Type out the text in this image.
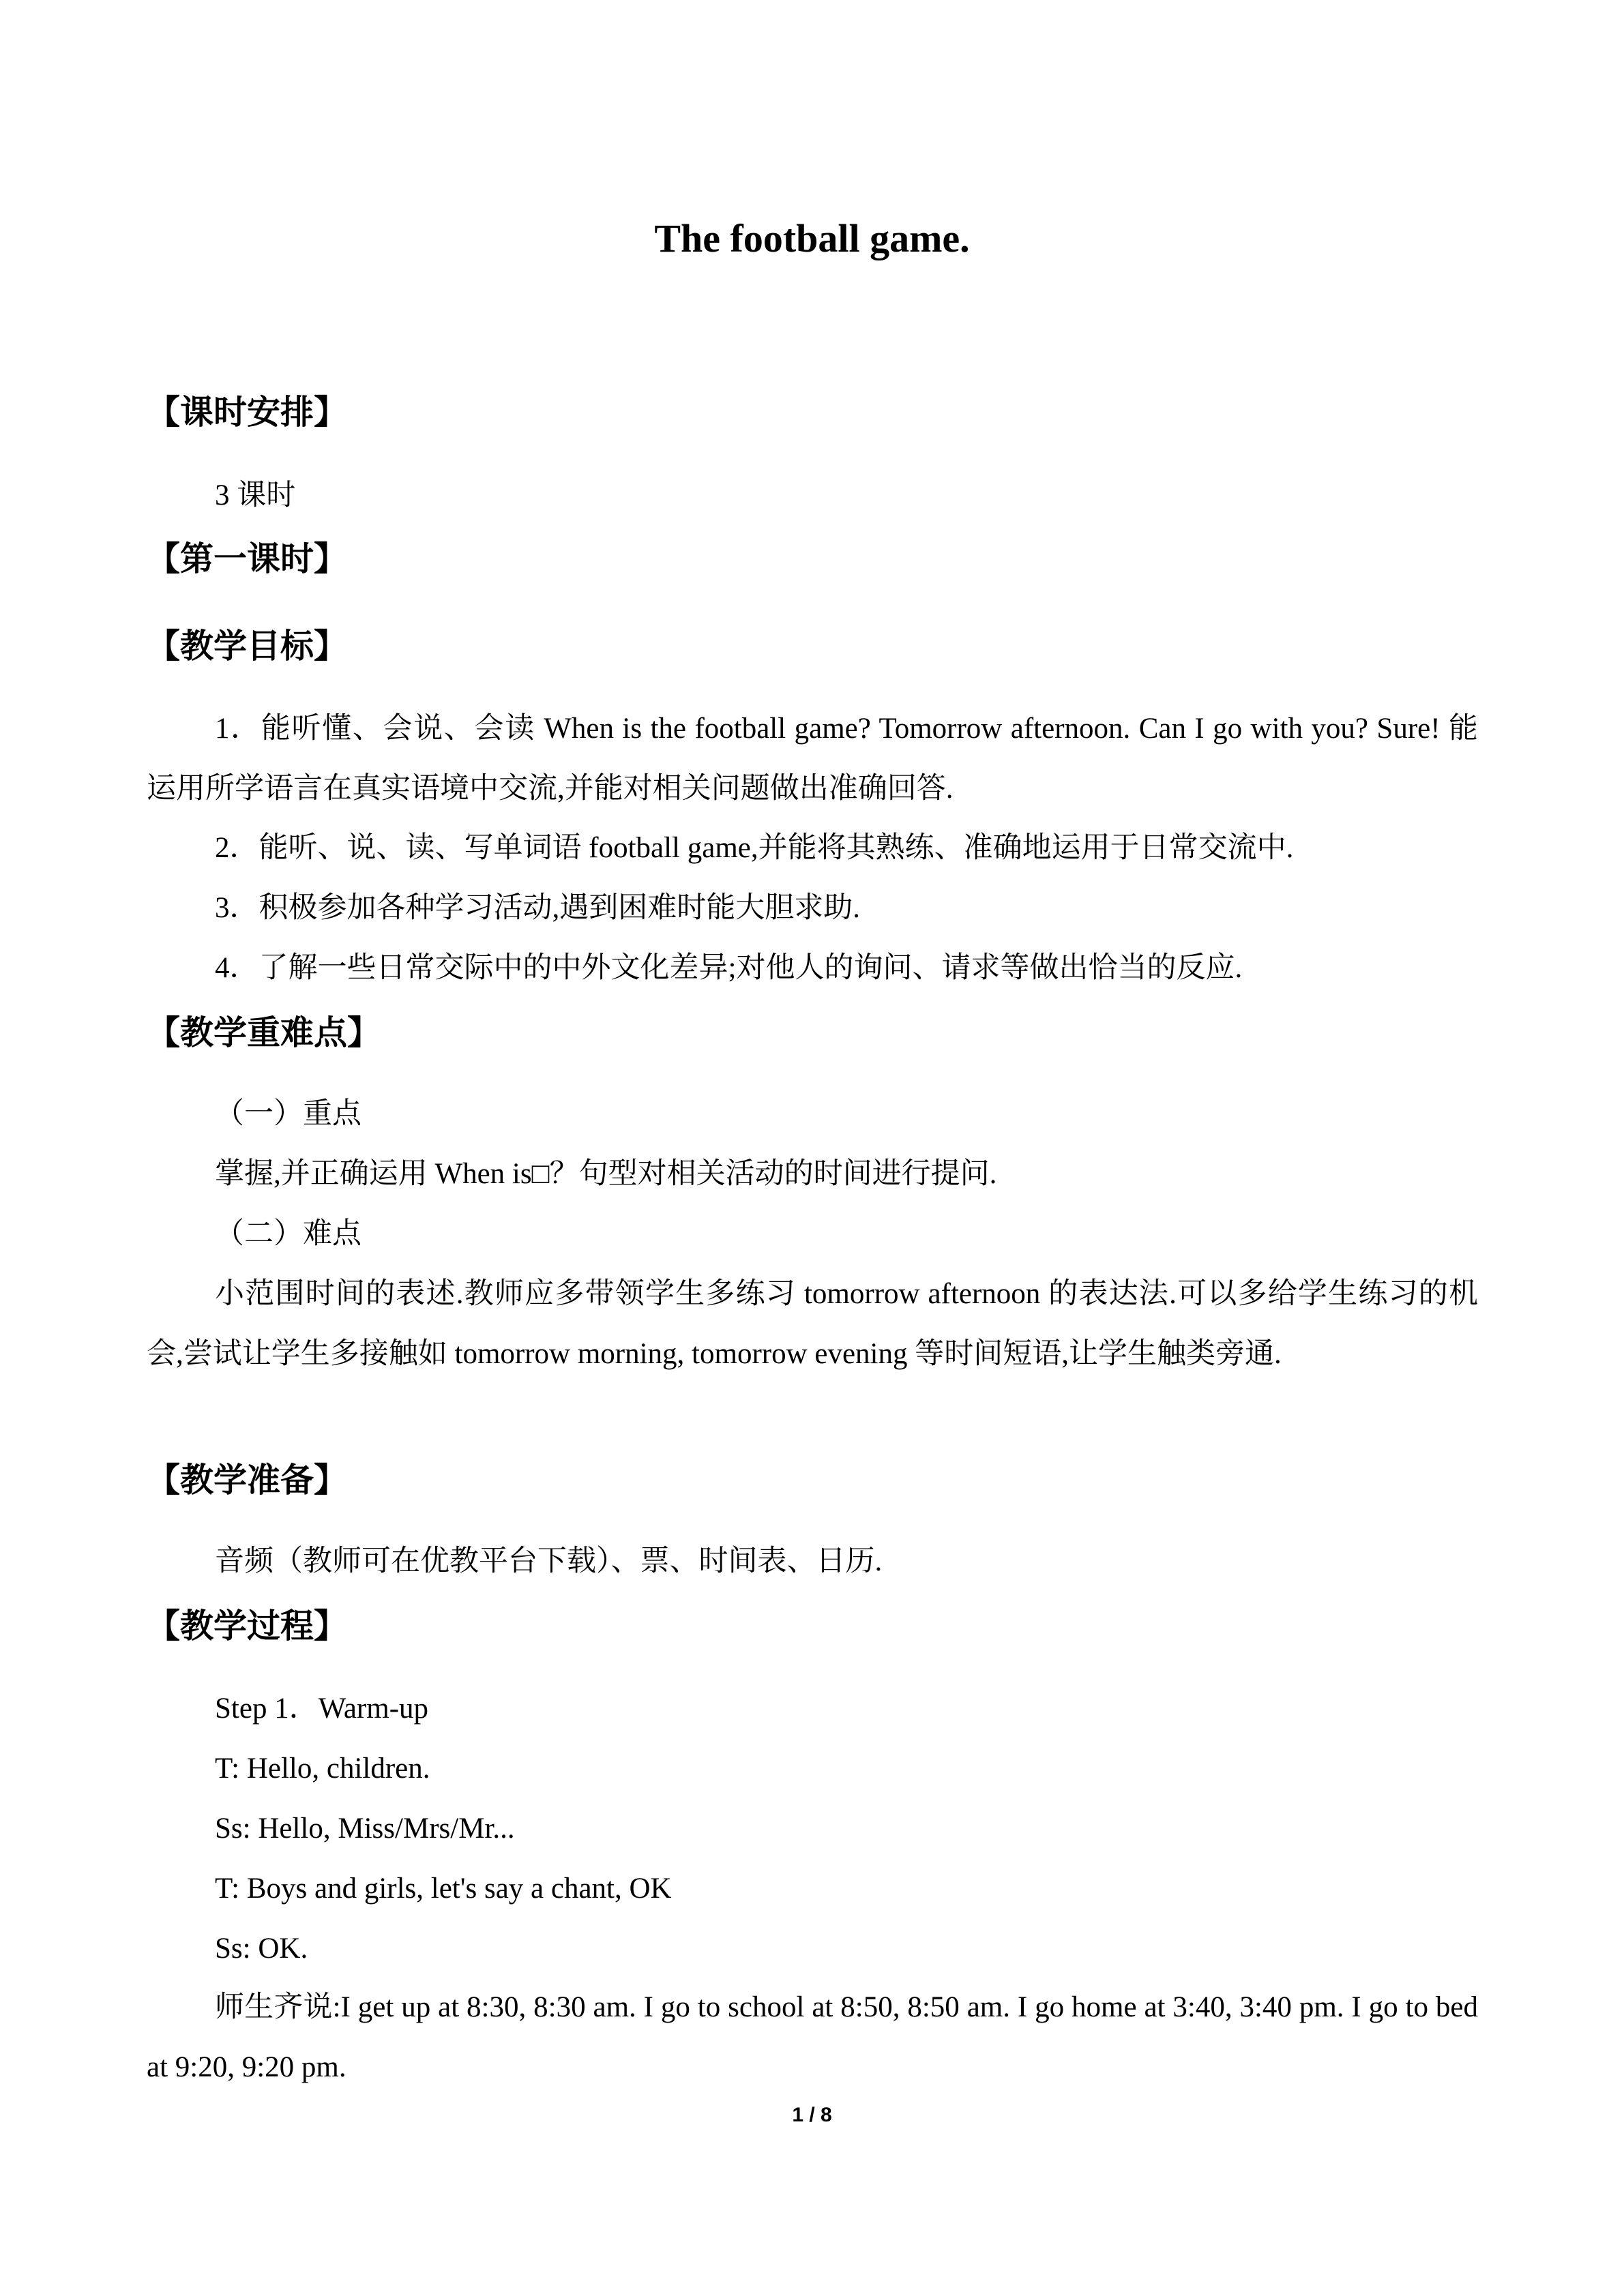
The football game.
【课时安排】
3 课时
【第一课时】
【教学目标】
1．能听懂、会说、会读 When is the football game? Tomorrow afternoon. Can I go with you? Sure! 能运用所学语言在真实语境中交流,并能对相关问题做出准确回答.
2．能听、说、读、写单词语 football game,并能将其熟练、准确地运用于日常交流中.
3．积极参加各种学习活动,遇到困难时能大胆求助.
4．了解一些日常交际中的中外文化差异;对他人的询问、请求等做出恰当的反应.
【教学重难点】
（一）重点
掌握,并正确运用 When is□？句型对相关活动的时间进行提问.
（二）难点
小范围时间的表述.教师应多带领学生多练习 tomorrow afternoon 的表达法.可以多给学生练习的机会,尝试让学生多接触如 tomorrow morning, tomorrow evening 等时间短语,让学生触类旁通.
【教学准备】
音频（教师可在优教平台下载）、票、时间表、日历.
【教学过程】
Step 1．Warm-up
T: Hello, children.
Ss: Hello, Miss/Mrs/Mr...
T: Boys and girls, let's say a chant, OK
Ss: OK.
师生齐说:I get up at 8:30, 8:30 am. I go to school at 8:50, 8:50 am. I go home at 3:40, 3:40 pm. I go to bed at 9:20, 9:20 pm.
1 / 8
